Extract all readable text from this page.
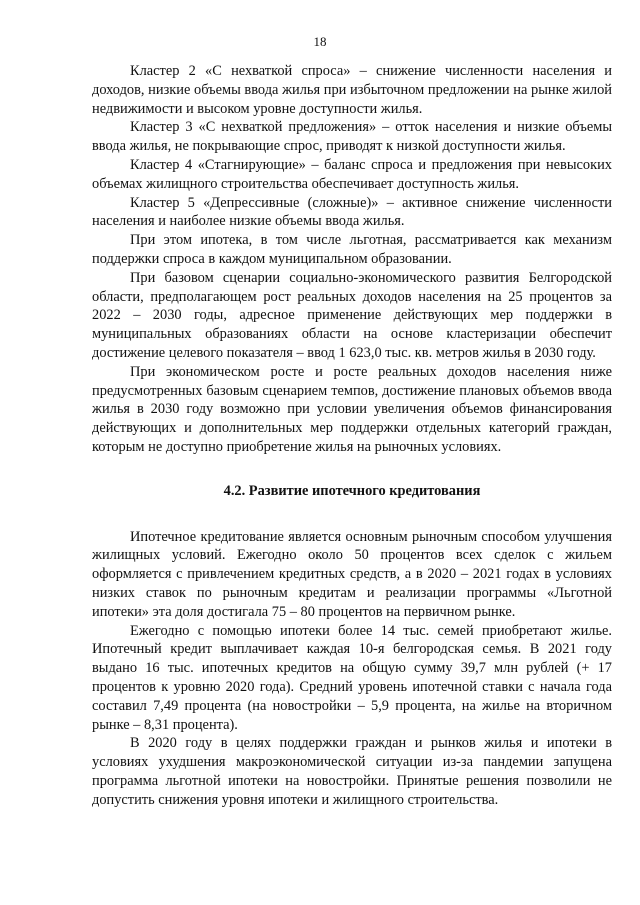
18

Кластер 2 «С нехваткой спроса» – снижение численности населения и доходов, низкие объемы ввода жилья при избыточном предложении на рынке жилой недвижимости и высоком уровне доступности жилья.

Кластер 3 «С нехваткой предложения» – отток населения и низкие объемы ввода жилья, не покрывающие спрос, приводят к низкой доступности жилья.

Кластер 4 «Стагнирующие» – баланс спроса и предложения при невысоких объемах жилищного строительства обеспечивает доступность жилья.

Кластер 5 «Депрессивные (сложные)» – активное снижение численности населения и наиболее низкие объемы ввода жилья.

При этом ипотека, в том числе льготная, рассматривается как механизм поддержки спроса в каждом муниципальном образовании.

При базовом сценарии социально-экономического развития Белгородской области, предполагающем рост реальных доходов населения на 25 процентов за 2022 – 2030 годы, адресное применение действующих мер поддержки в муниципальных образованиях области на основе кластеризации обеспечит достижение целевого показателя – ввод 1 623,0 тыс. кв. метров жилья в 2030 году.

При экономическом росте и росте реальных доходов населения ниже предусмотренных базовым сценарием темпов, достижение плановых объемов ввода жилья в 2030 году возможно при условии увеличения объемов финансирования действующих и дополнительных мер поддержки отдельных категорий граждан, которым не доступно приобретение жилья на рыночных условиях.

4.2. Развитие ипотечного кредитования

Ипотечное кредитование является основным рыночным способом улучшения жилищных условий. Ежегодно около 50 процентов всех сделок с жильем оформляется с привлечением кредитных средств, а в 2020 – 2021 годах в условиях низких ставок по рыночным кредитам и реализации программы «Льготной ипотеки» эта доля достигала 75 – 80 процентов на первичном рынке.

Ежегодно с помощью ипотеки более 14 тыс. семей приобретают жилье. Ипотечный кредит выплачивает каждая 10-я белгородская семья. В 2021 году выдано 16 тыс. ипотечных кредитов на общую сумму 39,7 млн рублей (+ 17 процентов к уровню 2020 года). Средний уровень ипотечной ставки с начала года составил 7,49 процента (на новостройки – 5,9 процента, на жилье на вторичном рынке – 8,31 процента).

В 2020 году в целях поддержки граждан и рынков жилья и ипотеки в условиях ухудшения макроэкономической ситуации из-за пандемии запущена программа льготной ипотеки на новостройки. Принятые решения позволили не допустить снижения уровня ипотеки и жилищного строительства.
